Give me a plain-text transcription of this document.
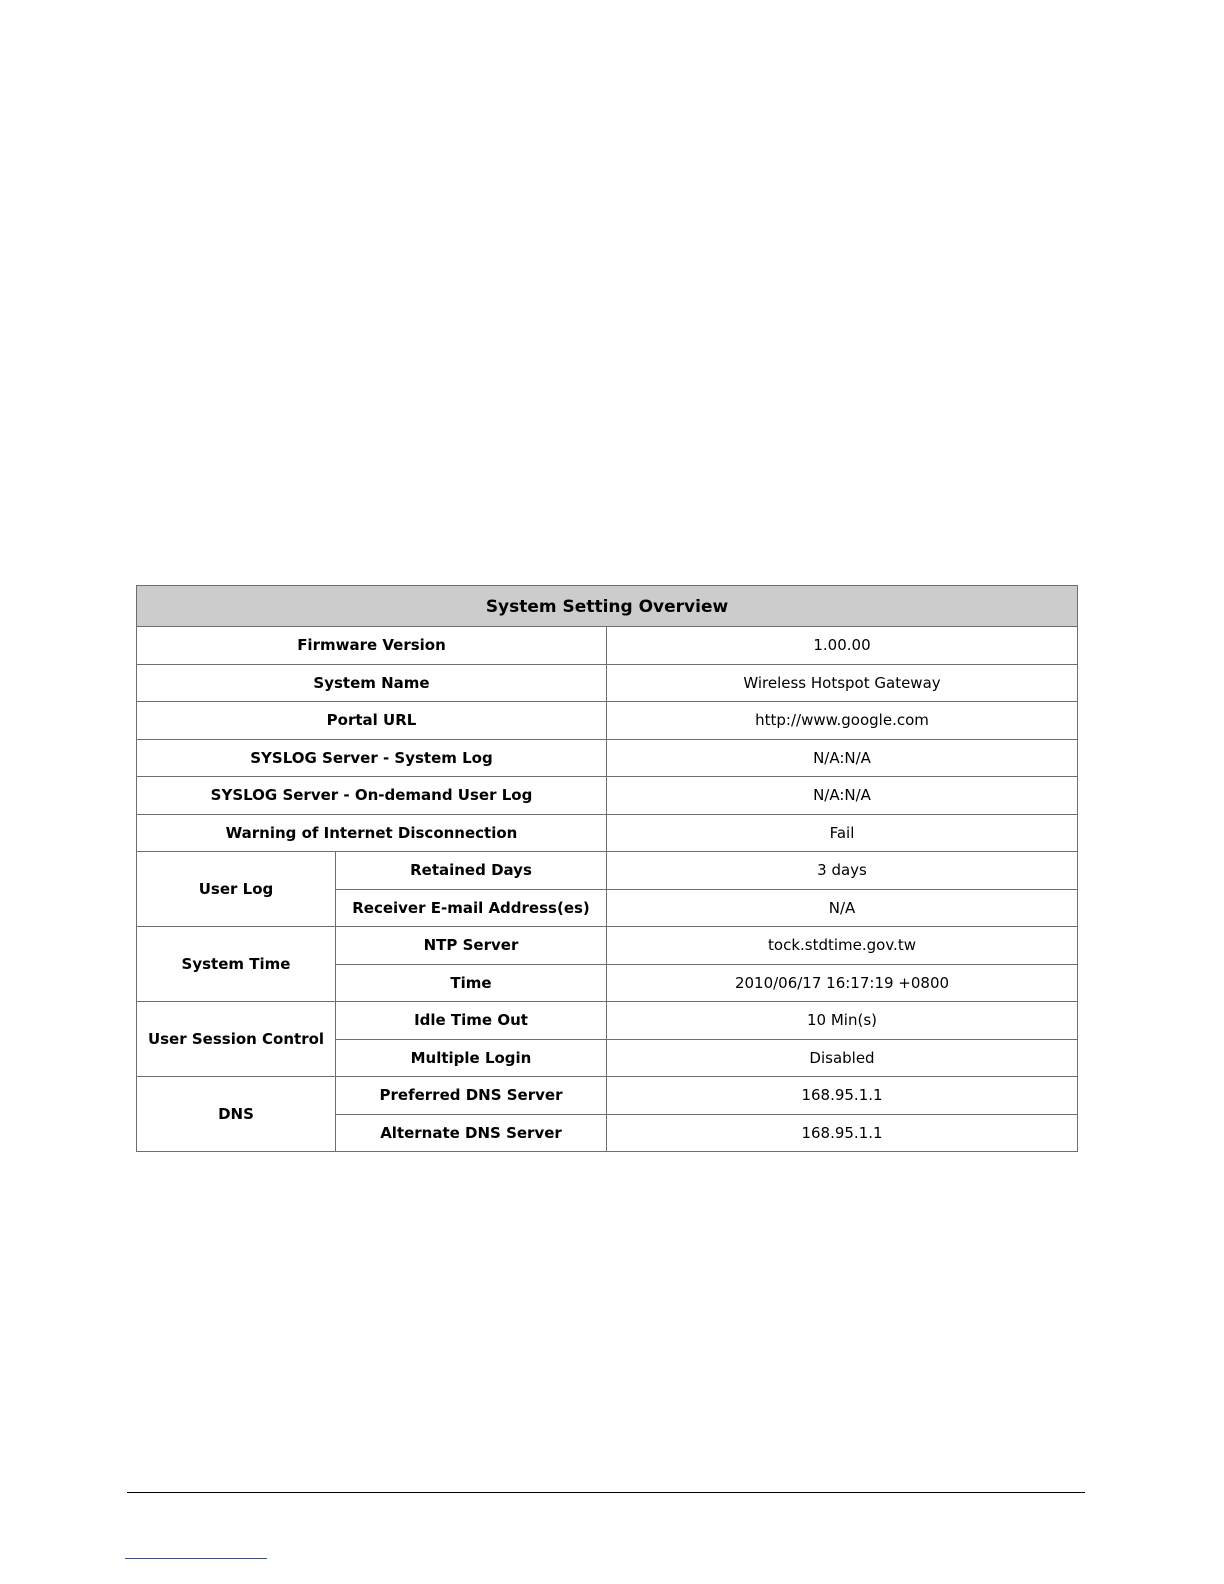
System Setting Overview		
Firmware Version		1.00.00
System Name		Wireless Hotspot Gateway
Portal URL		http://www.google.com
SYSLOG Server - System Log		N/A:N/A
SYSLOG Server - On-demand User Log		N/A:N/A
Warning of Internet Disconnection		Fail
User Log	Retained Days	3 days
	Receiver E-mail Address(es)	N/A
System Time	NTP Server	tock.stdtime.gov.tw
	Time	2010/06/17 16:17:19 +0800
User Session Control	Idle Time Out	10 Min(s)
	Multiple Login	Disabled
DNS	Preferred DNS Server	168.95.1.1
	Alternate DNS Server	168.95.1.1
